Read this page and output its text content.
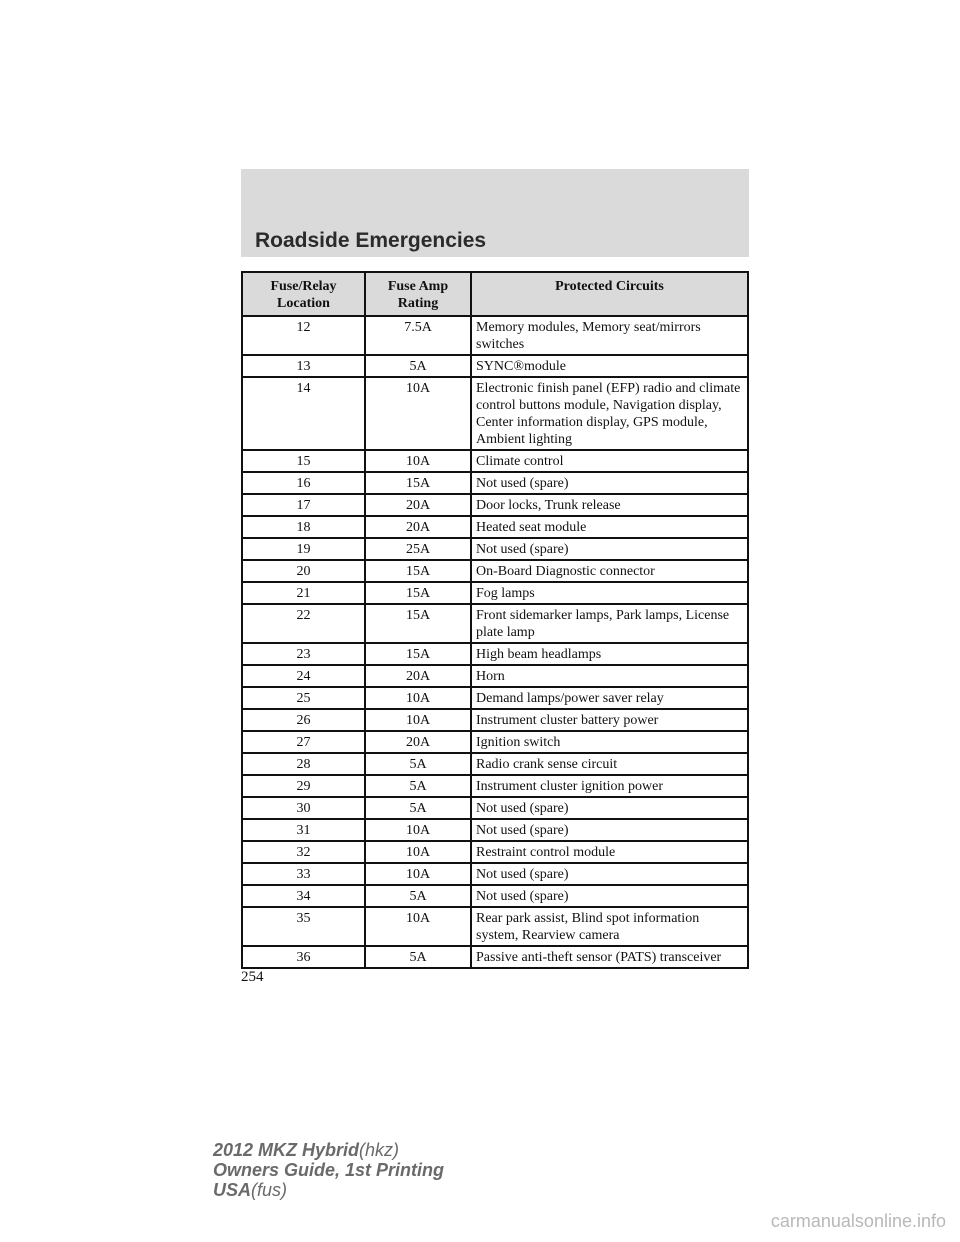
Roadside Emergencies
Fuse/Relay Location	Fuse Amp Rating	Protected Circuits
12	7.5A	Memory modules, Memory seat/mirrors switches
13	5A	SYNC®module
14	10A	Electronic finish panel (EFP) radio and climate control buttons module, Navigation display, Center information display, GPS module, Ambient lighting
15	10A	Climate control
16	15A	Not used (spare)
17	20A	Door locks, Trunk release
18	20A	Heated seat module
19	25A	Not used (spare)
20	15A	On-Board Diagnostic connector
21	15A	Fog lamps
22	15A	Front sidemarker lamps, Park lamps, License plate lamp
23	15A	High beam headlamps
24	20A	Horn
25	10A	Demand lamps/power saver relay
26	10A	Instrument cluster battery power
27	20A	Ignition switch
28	5A	Radio crank sense circuit
29	5A	Instrument cluster ignition power
30	5A	Not used (spare)
31	10A	Not used (spare)
32	10A	Restraint control module
33	10A	Not used (spare)
34	5A	Not used (spare)
35	10A	Rear park assist, Blind spot information system, Rearview camera
36	5A	Passive anti-theft sensor (PATS) transceiver
254
2012 MKZ Hybrid(hkz)
Owners Guide, 1st Printing
USA(fus)
carmanualsonline.info
